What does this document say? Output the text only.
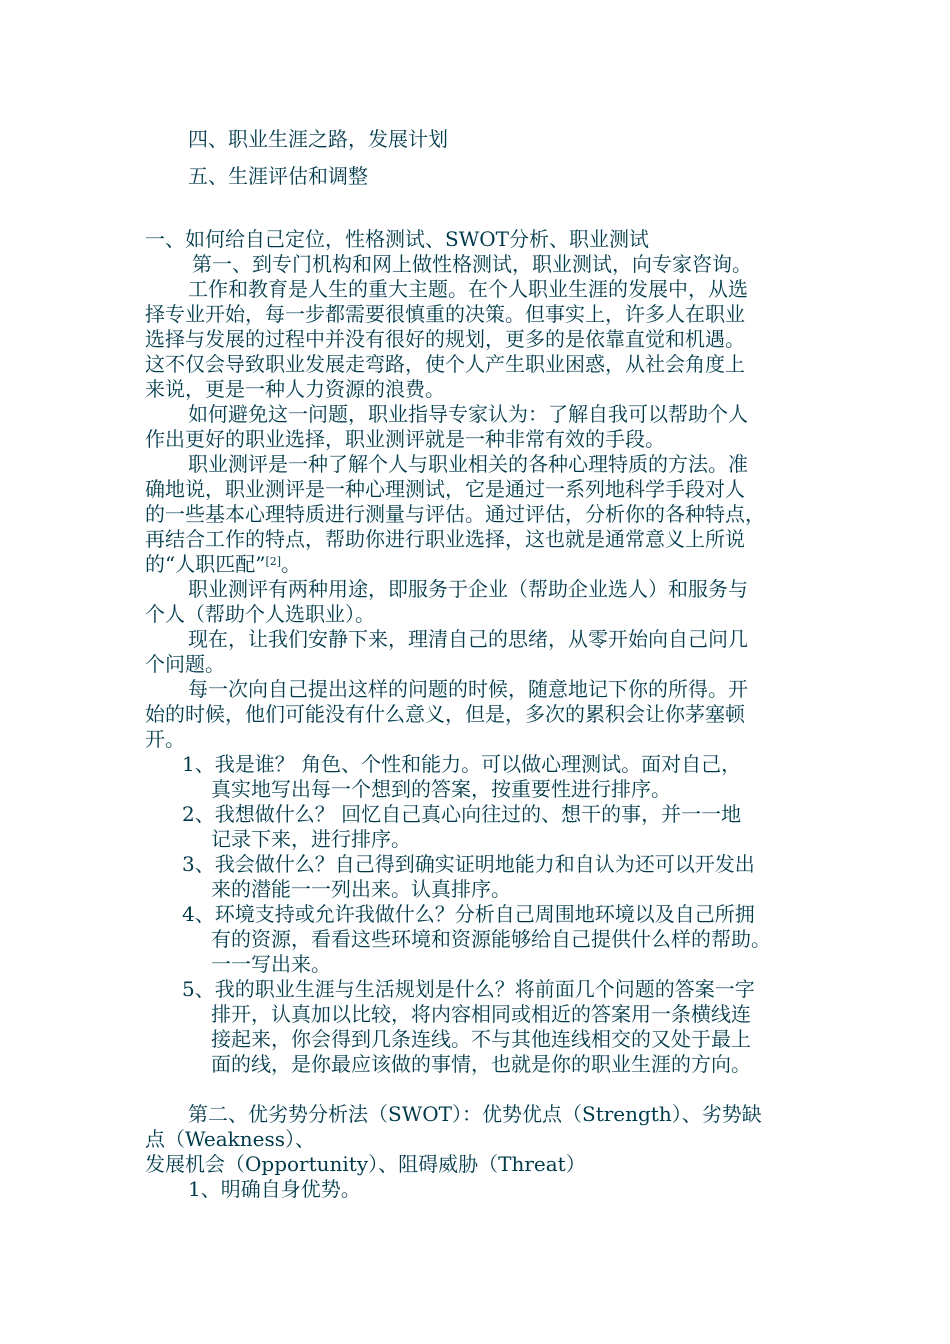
四、职业生涯之路，发展计划
五、生涯评估和调整
一、如何给自己定位，性格测试、SWOT分析、职业测试
第一、到专门机构和网上做性格测试，职业测试，向专家咨询。
工作和教育是人生的重大主题。在个人职业生涯的发展中，从选
择专业开始，每一步都需要很慎重的决策。但事实上，许多人在职业
选择与发展的过程中并没有很好的规划，更多的是依靠直觉和机遇。
这不仅会导致职业发展走弯路，使个人产生职业困惑，从社会角度上
来说，更是一种人力资源的浪费。
如何避免这一问题，职业指导专家认为：了解自我可以帮助个人
作出更好的职业选择，职业测评就是一种非常有效的手段。
职业测评是一种了解个人与职业相关的各种心理特质的方法。准
确地说，职业测评是一种心理测试，它是通过一系列地科学手段对人
的一些基本心理特质进行测量与评估。通过评估，分析你的各种特点，
再结合工作的特点，帮助你进行职业选择，这也就是通常意义上所说
的“人职匹配”[2]。
职业测评有两种用途，即服务于企业（帮助企业选人）和服务与
个人（帮助个人选职业）。
现在，让我们安静下来，理清自己的思绪，从零开始向自己问几
个问题。
每一次向自己提出这样的问题的时候，随意地记下你的所得。开
始的时候，他们可能没有什么意义，但是，多次的累积会让你茅塞顿
开。
1、我是谁？ 角色、个性和能力。可以做心理测试。面对自己，
真实地写出每一个想到的答案，按重要性进行排序。
2、我想做什么？ 回忆自己真心向往过的、想干的事，并一一地
记录下来，进行排序。
3、我会做什么？自己得到确实证明地能力和自认为还可以开发出
来的潜能一一列出来。认真排序。
4、环境支持或允许我做什么？分析自己周围地环境以及自己所拥
有的资源，看看这些环境和资源能够给自己提供什么样的帮助。
一一写出来。
5、我的职业生涯与生活规划是什么？将前面几个问题的答案一字
排开，认真加以比较，将内容相同或相近的答案用一条横线连
接起来，你会得到几条连线。不与其他连线相交的又处于最上
面的线，是你最应该做的事情，也就是你的职业生涯的方向。
第二、优劣势分析法（SWOT）：优势优点（Strength）、劣势缺
点（Weakness）、
发展机会（Opportunity）、阻碍威胁（Threat）
1、明确自身优势。
